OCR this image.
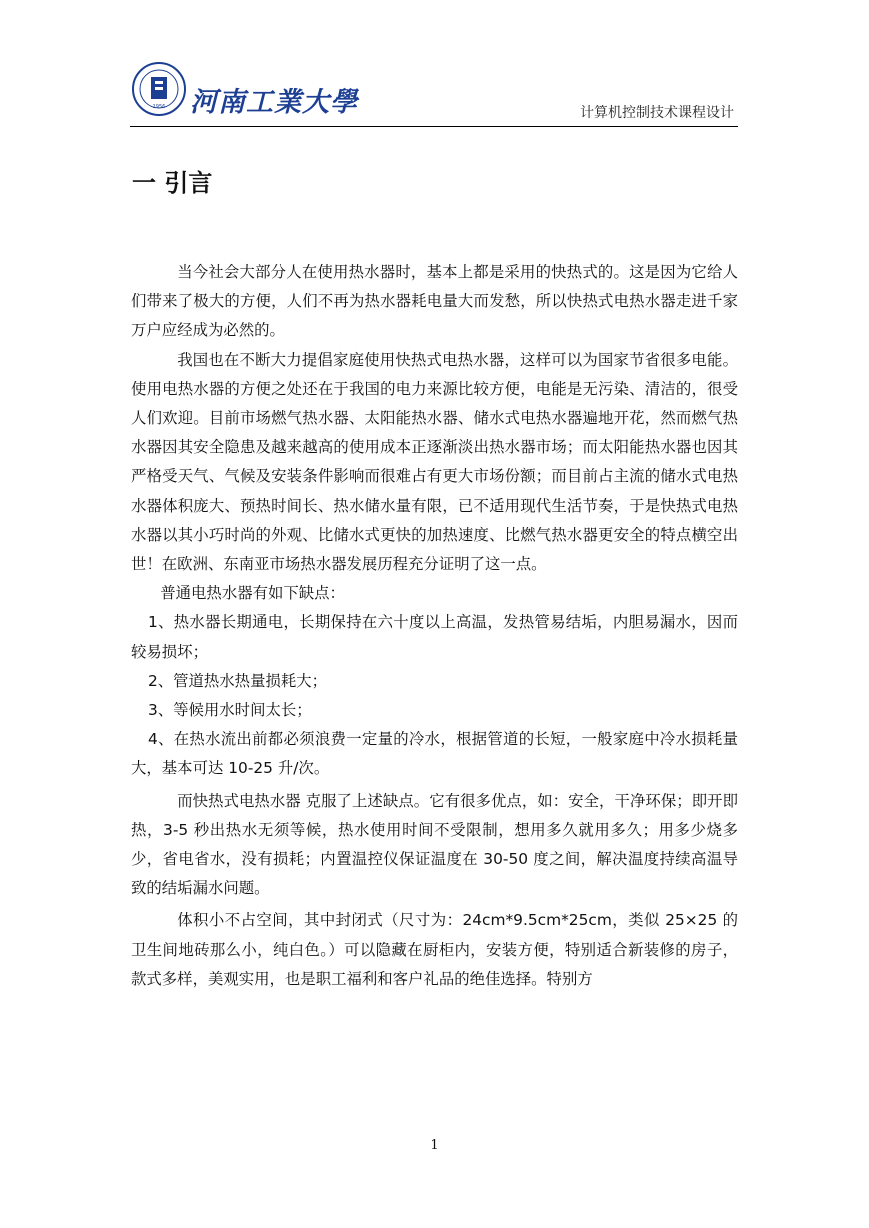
1956 河南工業大學	计算机控制技术课程设计
一 引言

当今社会大部分人在使用热水器时，基本上都是采用的快热式的。这是因为它给人们带来了极大的方便，人们不再为热水器耗电量大而发愁，所以快热式电热水器走进千家万户应经成为必然的。

我国也在不断大力提倡家庭使用快热式电热水器，这样可以为国家节省很多电能。使用电热水器的方便之处还在于我国的电力来源比较方便，电能是无污染、清洁的，很受人们欢迎。目前市场燃气热水器、太阳能热水器、储水式电热水器遍地开花，然而燃气热水器因其安全隐患及越来越高的使用成本正逐渐淡出热水器市场；而太阳能热水器也因其严格受天气、气候及安装条件影响而很难占有更大市场份额；而目前占主流的储水式电热水器体积庞大、预热时间长、热水储水量有限，已不适用现代生活节奏，于是快热式电热水器以其小巧时尚的外观、比储水式更快的加热速度、比燃气热水器更安全的特点横空出世！在欧洲、东南亚市场热水器发展历程充分证明了这一点。

普通电热水器有如下缺点：

1、热水器长期通电，长期保持在六十度以上高温，发热管易结垢，内胆易漏水，因而较易损坏；

2、管道热水热量损耗大；

3、等候用水时间太长；

4、在热水流出前都必须浪费一定量的冷水，根据管道的长短，一般家庭中冷水损耗量大，基本可达 10-25 升/次。

而快热式电热水器 克服了上述缺点。它有很多优点，如：安全，干净环保；即开即热，3-5 秒出热水无须等候，热水使用时间不受限制，想用多久就用多久；用多少烧多少，省电省水，没有损耗；内置温控仪保证温度在 30-50 度之间，解决温度持续高温导致的结垢漏水问题。

体积小不占空间，其中封闭式（尺寸为：24cm*9.5cm*25cm，类似 25×25 的卫生间地砖那么小，纯白色。）可以隐藏在厨柜内，安装方便，特别适合新装修的房子，款式多样，美观实用，也是职工福利和客户礼品的绝佳选择。特别方

1
